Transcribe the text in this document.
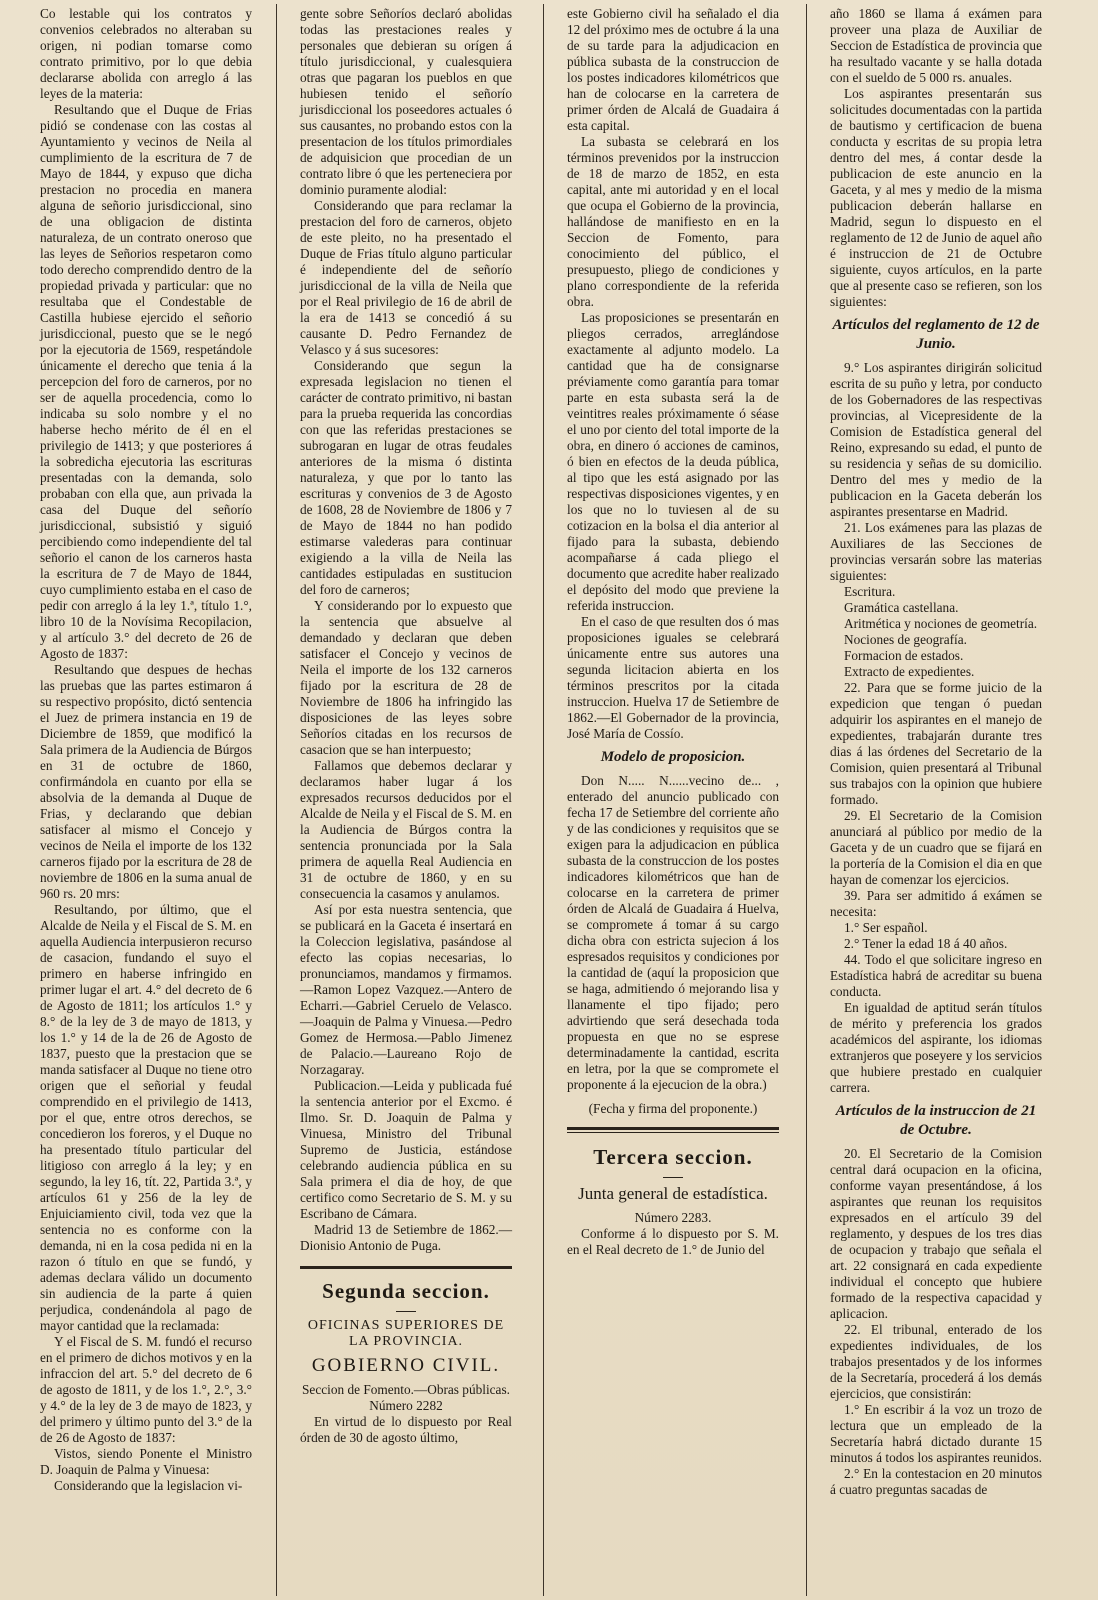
Co lestable qui los contratos y convenios celebrados no alteraban su origen, ni podian tomarse como contrato primitivo, por lo que debia declararse abolida con arreglo á las leyes de la materia:

Resultando que el Duque de Frias pidió se condenase con las costas al Ayuntamiento y vecinos de Neila al cumplimiento de la escritura de 7 de Mayo de 1844, y expuso que dicha prestacion no procedia en manera alguna de señorio jurisdiccional, sino de una obligacion de distinta naturaleza, de un contrato oneroso que las leyes de Señorios respetaron como todo derecho comprendido dentro de la propiedad privada y particular: que no resultaba que el Condestable de Castilla hubiese ejercido el señorio jurisdiccional, puesto que se le negó por la ejecutoria de 1569, respetándole únicamente el derecho que tenia á la percepcion del foro de carneros, por no ser de aquella procedencia, como lo indicaba su solo nombre y el no haberse hecho mérito de él en el privilegio de 1413; y que posteriores á la sobredicha ejecutoria las escrituras presentadas con la demanda, solo probaban con ella que, aun privada la casa del Duque del señorío jurisdiccional, subsistió y siguió percibiendo como independiente del tal señorio el canon de los carneros hasta la escritura de 7 de Mayo de 1844, cuyo cumplimiento estaba en el caso de pedir con arreglo á la ley 1.ª, título 1.°, libro 10 de la Novísima Recopilacion, y al artículo 3.° del decreto de 26 de Agosto de 1837:

Resultando que despues de hechas las pruebas que las partes estimaron á su respectivo propósito, dictó sentencia el Juez de primera instancia en 19 de Diciembre de 1859, que modificó la Sala primera de la Audiencia de Búrgos en 31 de octubre de 1860, confirmándola en cuanto por ella se absolvia de la demanda al Duque de Frias, y declarando que debian satisfacer al mismo el Concejo y vecinos de Neila el importe de los 132 carneros fijado por la escritura de 28 de noviembre de 1806 en la suma anual de 960 rs. 20 mrs:

Resultando, por último, que el Alcalde de Neila y el Fiscal de S. M. en aquella Audiencia interpusieron recurso de casacion, fundando el suyo el primero en haberse infringido en primer lugar el art. 4.° del decreto de 6 de Agosto de 1811; los artículos 1.° y 8.° de la ley de 3 de mayo de 1813, y los 1.° y 14 de la de 26 de Agosto de 1837, puesto que la prestacion que se manda satisfacer al Duque no tiene otro origen que el señorial y feudal comprendido en el privilegio de 1413, por el que, entre otros derechos, se concedieron los foreros, y el Duque no ha presentado título particular del litigioso con arreglo á la ley; y en segundo, la ley 16, tít. 22, Partida 3.ª, y artículos 61 y 256 de la ley de Enjuiciamiento civil, toda vez que la sentencia no es conforme con la demanda, ni en la cosa pedida ni en la razon ó título en que se fundó, y ademas declara válido un documento sin audiencia de la parte á quien perjudica, condenándola al pago de mayor cantidad que la reclamada:

Y el Fiscal de S. M. fundó el recurso en el primero de dichos motivos y en la infraccion del art. 5.° del decreto de 6 de agosto de 1811, y de los 1.°, 2.°, 3.° y 4.° de la ley de 3 de mayo de 1823, y del primero y último punto del 3.° de la de 26 de Agosto de 1837:

Vistos, siendo Ponente el Ministro D. Joaquin de Palma y Vinuesa:

Considerando que la legislacion vi-

gente sobre Señoríos declaró abolidas todas las prestaciones reales y personales que debieran su orígen á título jurisdiccional, y cualesquiera otras que pagaran los pueblos en que hubiesen tenido el señorío jurisdiccional los poseedores actuales ó sus causantes, no probando estos con la presentacion de los títulos primordiales de adquisicion que procedian de un contrato libre ó que les perteneciera por dominio puramente alodial:

Considerando que para reclamar la prestacion del foro de carneros, objeto de este pleito, no ha presentado el Duque de Frias título alguno particular é independiente del de señorío jurisdiccional de la villa de Neila que por el Real privilegio de 16 de abril de la era de 1413 se concedió á su causante D. Pedro Fernandez de Velasco y á sus sucesores:

Considerando que segun la expresada legislacion no tienen el carácter de contrato primitivo, ni bastan para la prueba requerida las concordias con que las referidas prestaciones se subrogaran en lugar de otras feudales anteriores de la misma ó distinta naturaleza, y que por lo tanto las escrituras y convenios de 3 de Agosto de 1608, 28 de Noviembre de 1806 y 7 de Mayo de 1844 no han podido estimarse valederas para continuar exigiendo a la villa de Neila las cantidades estipuladas en sustitucion del foro de carneros;

Y considerando por lo expuesto que la sentencia que absuelve al demandado y declaran que deben satisfacer el Concejo y vecinos de Neila el importe de los 132 carneros fijado por la escritura de 28 de Noviembre de 1806 ha infringido las disposiciones de las leyes sobre Señoríos citadas en los recursos de casacion que se han interpuesto;

Fallamos que debemos declarar y declaramos haber lugar á los expresados recursos deducidos por el Alcalde de Neila y el Fiscal de S. M. en la Audiencia de Búrgos contra la sentencia pronunciada por la Sala primera de aquella Real Audiencia en 31 de octubre de 1860, y en su consecuencia la casamos y anulamos.

Así por esta nuestra sentencia, que se publicará en la Gaceta é insertará en la Coleccion legislativa, pasándose al efecto las copias necesarias, lo pronunciamos, mandamos y firmamos.—Ramon Lopez Vazquez.—Antero de Echarri.—Gabriel Ceruelo de Velasco.—Joaquin de Palma y Vinuesa.—Pedro Gomez de Hermosa.—Pablo Jimenez de Palacio.—Laureano Rojo de Norzagaray.

Publicacion.—Leida y publicada fué la sentencia anterior por el Excmo. é Ilmo. Sr. D. Joaquin de Palma y Vinuesa, Ministro del Tribunal Supremo de Justicia, estándose celebrando audiencia pública en su Sala primera el dia de hoy, de que certifico como Secretario de S. M. y su Escribano de Cámara.

Madrid 13 de Setiembre de 1862.—Dionisio Antonio de Puga.

Segunda seccion.
OFICINAS SUPERIORES DE LA PROVINCIA.
GOBIERNO CIVIL.

Seccion de Fomento.—Obras públicas.

Número 2282

En virtud de lo dispuesto por Real órden de 30 de agosto último,

este Gobierno civil ha señalado el dia 12 del próximo mes de octubre á la una de su tarde para la adjudicacion en pública subasta de la construccion de los postes indicadores kilométricos que han de colocarse en la carretera de primer órden de Alcalá de Guadaira á esta capital.

La subasta se celebrará en los términos prevenidos por la instruccion de 18 de marzo de 1852, en esta capital, ante mi autoridad y en el local que ocupa el Gobierno de la provincia, hallándose de manifiesto en en la Seccion de Fomento, para conocimiento del público, el presupuesto, pliego de condiciones y plano correspondiente de la referida obra.

Las proposiciones se presentarán en pliegos cerrados, arreglándose exactamente al adjunto modelo. La cantidad que ha de consignarse préviamente como garantía para tomar parte en esta subasta será la de veintitres reales próximamente ó séase el uno por ciento del total importe de la obra, en dinero ó acciones de caminos, ó bien en efectos de la deuda pública, al tipo que les está asignado por las respectivas disposiciones vigentes, y en los que no lo tuviesen al de su cotizacion en la bolsa el dia anterior al fijado para la subasta, debiendo acompañarse á cada pliego el documento que acredite haber realizado el depósito del modo que previene la referida instruccion.

En el caso de que resulten dos ó mas proposiciones iguales se celebrará únicamente entre sus autores una segunda licitacion abierta en los términos prescritos por la citada instruccion. Huelva 17 de Setiembre de 1862.—El Gobernador de la provincia, José María de Cossío.

Modelo de proposicion.

Don N..... N......vecino de... , enterado del anuncio publicado con fecha 17 de Setiembre del corriente año y de las condiciones y requisitos que se exigen para la adjudicacion en pública subasta de la construccion de los postes indicadores kilométricos que han de colocarse en la carretera de primer órden de Alcalá de Guadaira á Huelva, se compromete á tomar á su cargo dicha obra con estricta sujecion á los espresados requisitos y condiciones por la cantidad de (aquí la proposicion que se haga, admitiendo ó mejorando lisa y llanamente el tipo fijado; pero advirtiendo que será desechada toda propuesta en que no se esprese determinadamente la cantidad, escrita en letra, por la que se compromete el proponente á la ejecucion de la obra.)

(Fecha y firma del proponente.)

Tercera seccion.
Junta general de estadística.

Número 2283.

Conforme á lo dispuesto por S. M. en el Real decreto de 1.° de Junio del

año 1860 se llama á exámen para proveer una plaza de Auxiliar de Seccion de Estadística de provincia que ha resultado vacante y se halla dotada con el sueldo de 5 000 rs. anuales.

Los aspirantes presentarán sus solicitudes documentadas con la partida de bautismo y certificacion de buena conducta y escritas de su propia letra dentro del mes, á contar desde la publicacion de este anuncio en la Gaceta, y al mes y medio de la misma publicacion deberán hallarse en Madrid, segun lo dispuesto en el reglamento de 12 de Junio de aquel año é instruccion de 21 de Octubre siguiente, cuyos artículos, en la parte que al presente caso se refieren, son los siguientes:

Artículos del reglamento de 12 de Junio.

9.° Los aspirantes dirigirán solicitud escrita de su puño y letra, por conducto de los Gobernadores de las respectivas provincias, al Vicepresidente de la Comision de Estadística general del Reino, expresando su edad, el punto de su residencia y señas de su domicilio. Dentro del mes y medio de la publicacion en la Gaceta deberán los aspirantes presentarse en Madrid.

21. Los exámenes para las plazas de Auxiliares de las Secciones de provincias versarán sobre las materias siguientes:

Escritura.
Gramática castellana.
Aritmética y nociones de geometría.
Nociones de geografía.
Formacion de estados.
Extracto de expedientes.

22. Para que se forme juicio de la expedicion que tengan ó puedan adquirir los aspirantes en el manejo de expedientes, trabajarán durante tres dias á las órdenes del Secretario de la Comision, quien presentará al Tribunal sus trabajos con la opinion que hubiere formado.

29. El Secretario de la Comision anunciará al público por medio de la Gaceta y de un cuadro que se fijará en la portería de la Comision el dia en que hayan de comenzar los ejercicios.

39. Para ser admitido á exámen se necesita:

1.° Ser español.

2.° Tener la edad 18 á 40 años.

44. Todo el que solicitare ingreso en Estadística habrá de acreditar su buena conducta.

En igualdad de aptitud serán títulos de mérito y preferencia los grados académicos del aspirante, los idiomas extranjeros que poseyere y los servicios que hubiere prestado en cualquier carrera.

Artículos de la instruccion de 21 de Octubre.

20. El Secretario de la Comision central dará ocupacion en la oficina, conforme vayan presentándose, á los aspirantes que reunan los requisitos expresados en el artículo 39 del reglamento, y despues de los tres dias de ocupacion y trabajo que señala el art. 22 consignará en cada expediente individual el concepto que hubiere formado de la respectiva capacidad y aplicacion.

22. El tribunal, enterado de los expedientes individuales, de los trabajos presentados y de los informes de la Secretaría, procederá á los demás ejercicios, que consistirán:

1.° En escribir á la voz un trozo de lectura que un empleado de la Secretaría habrá dictado durante 15 minutos á todos los aspirantes reunidos.

2.° En la contestacion en 20 minutos á cuatro preguntas sacadas de
